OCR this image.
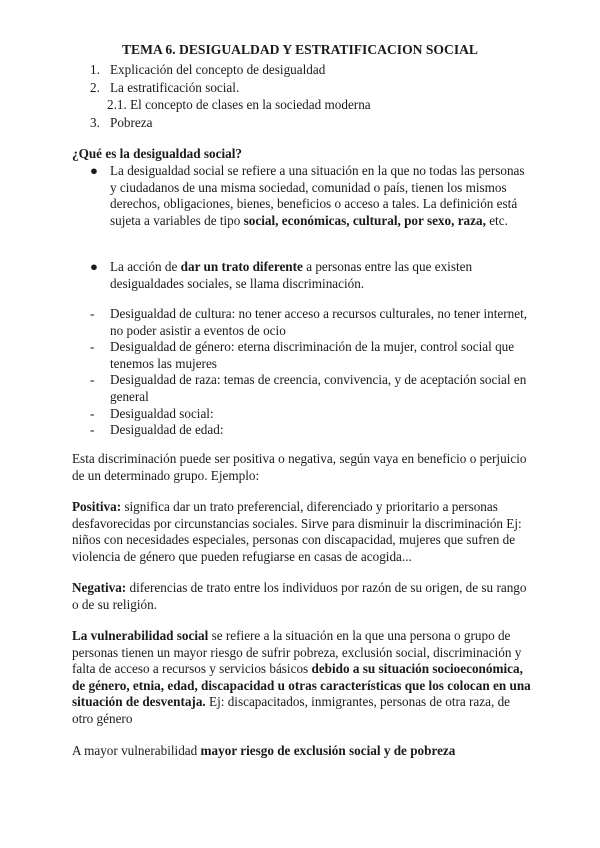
TEMA 6. DESIGUALDAD Y ESTRATIFICACION SOCIAL
1. Explicación del concepto de desigualdad
2. La estratificación social.
2.1. El concepto de clases en la sociedad moderna
3. Pobreza
¿Qué es la desigualdad social?
● La desigualdad social se refiere a una situación en la que no todas las personas y ciudadanos de una misma sociedad, comunidad o país, tienen los mismos derechos, obligaciones, bienes, beneficios o acceso a tales. La definición está sujeta a variables de tipo social, económicas, cultural, por sexo, raza, etc.
● La acción de dar un trato diferente a personas entre las que existen desigualdades sociales, se llama discriminación.
-	Desigualdad de cultura: no tener acceso a recursos culturales, no tener internet, no poder asistir a eventos de ocio
-	Desigualdad de género: eterna discriminación de la mujer, control social que tenemos las mujeres
-	Desigualdad de raza: temas de creencia, convivencia, y de aceptación social en general
-	Desigualdad social:
-	Desigualdad de edad:
Esta discriminación puede ser positiva o negativa, según vaya en beneficio o perjuicio de un determinado grupo. Ejemplo:
Positiva: significa dar un trato preferencial, diferenciado y prioritario a personas desfavorecidas por circunstancias sociales. Sirve para disminuir la discriminación Ej: niños con necesidades especiales, personas con discapacidad, mujeres que sufren de violencia de género que pueden refugiarse en casas de acogida...
Negativa: diferencias de trato entre los individuos por razón de su origen, de su rango o de su religión.
La vulnerabilidad social se refiere a la situación en la que una persona o grupo de personas tienen un mayor riesgo de sufrir pobreza, exclusión social, discriminación y falta de acceso a recursos y servicios básicos debido a su situación socioeconómica, de género, etnia, edad, discapacidad u otras características que los colocan en una situación de desventaja. Ej: discapacitados, inmigrantes, personas de otra raza, de otro género
A mayor vulnerabilidad mayor riesgo de exclusión social y de pobreza
